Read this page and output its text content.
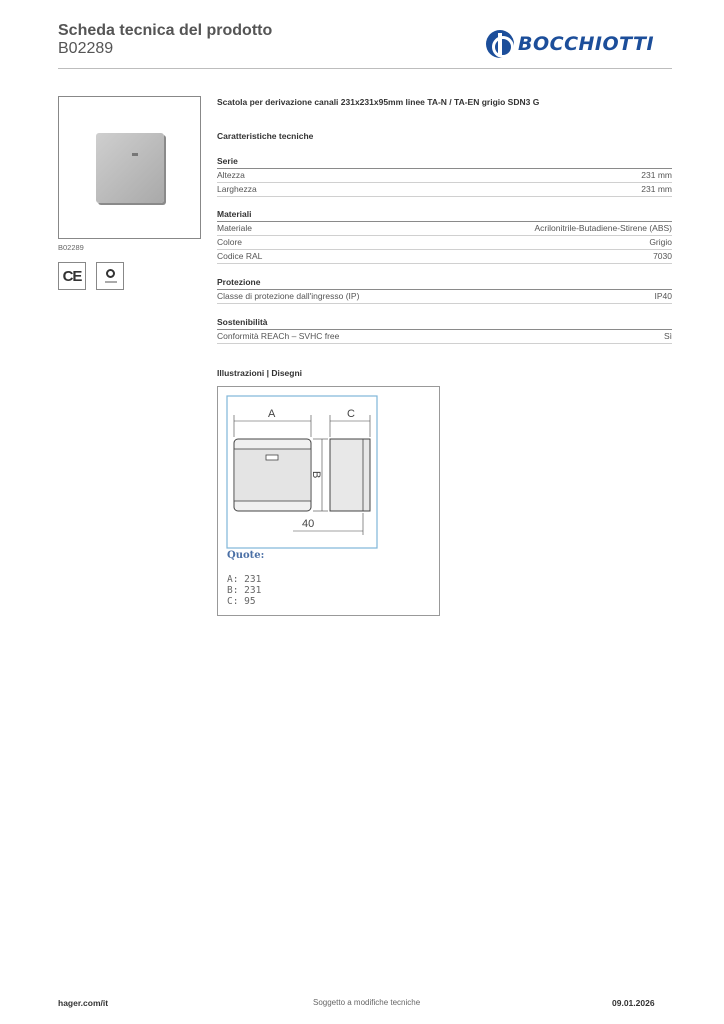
Scheda tecnica del prodotto
B02289	BOCCHIOTTI
B02289
CE
Scatola per derivazione canali 231x231x95mm linee TA-N / TA-EN grigio SDN3 G
Caratteristiche tecniche
Serie
Altezza	231 mm
Larghezza	231 mm
Materiali
Materiale	Acrilonitrile-Butadiene-Stirene (ABS)
Colore	Grigio
Codice RAL	7030
Protezione
Classe di protezione dall'ingresso (IP)	IP40
Sostenibilità
Conformità REACh – SVHC free	Sì
Illustrazioni | Disegni
A	C
B
40
Quote:
A: 231
B: 231
C: 95
hager.com/it	Soggetto a modifiche tecniche	09.01.2026
